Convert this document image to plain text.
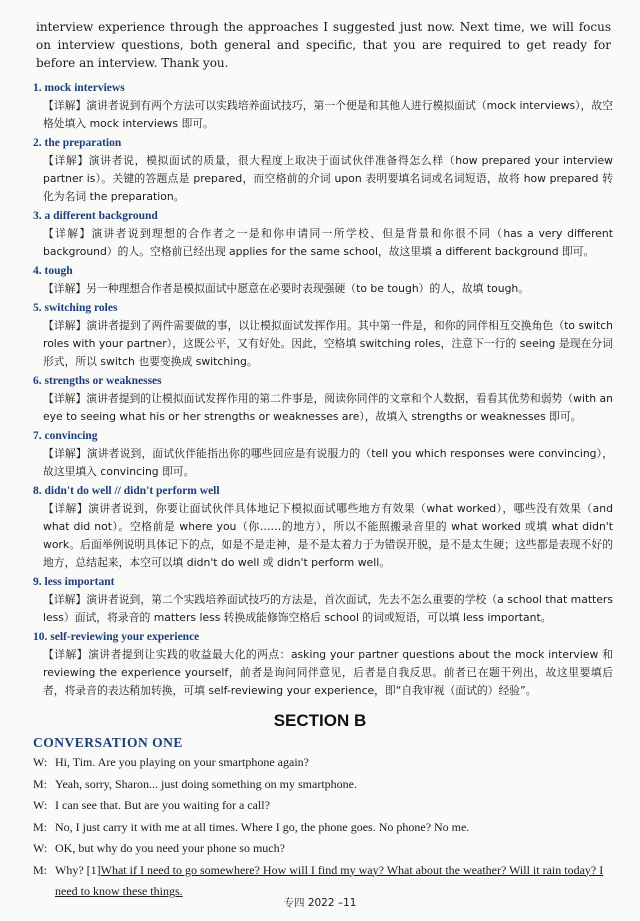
interview experience through the approaches I suggested just now. Next time, we will focus on interview questions, both general and specific, that you are required to get ready for before an interview. Thank you.
1. mock interviews
【详解】演讲者说到有两个方法可以实践培养面试技巧，第一个便是和其他人进行模拟面试（mock interviews），故空格处填入 mock interviews 即可。
2. the preparation
【详解】演讲者说，模拟面试的质量，很大程度上取决于面试伙伴准备得怎么样（how prepared your interview partner is）。关键的答题点是 prepared，而空格前的介词 upon 表明要填名词或名词短语，故将 how prepared 转化为名词 the preparation。
3. a different background
【详解】演讲者说到理想的合作者之一是和你申请同一所学校、但是背景和你很不同（has a very different background）的人。空格前已经出现 applies for the same school，故这里填 a different background 即可。
4. tough
【详解】另一种理想合作者是模拟面试中愿意在必要时表现强硬（to be tough）的人，故填 tough。
5. switching roles
【详解】演讲者提到了两件需要做的事，以让模拟面试发挥作用。其中第一件是，和你的同伴相互交换角色（to switch roles with your partner），这既公平，又有好处。因此，空格填 switching roles，注意下一行的 seeing 是现在分词形式，所以 switch 也要变换成 switching。
6. strengths or weaknesses
【详解】演讲者提到的让模拟面试发挥作用的第二件事是，阅读你同伴的文章和个人数据，看看其优势和弱势（with an eye to seeing what his or her strengths or weaknesses are），故填入 strengths or weaknesses 即可。
7. convincing
【详解】演讲者说到，面试伙伴能指出你的哪些回应是有说服力的（tell you which responses were convincing），故这里填入 convincing 即可。
8. didn't do well // didn't perform well
【详解】演讲者说到，你要让面试伙伴具体地记下模拟面试哪些地方有效果（what worked），哪些没有效果（and what did not）。空格前是 where you（你……的地方），所以不能照搬录音里的 what worked 或填 what didn't work。后面举例说明具体记下的点，如是不是走神，是不是太着力于为错误开脱，是不是太生硬；这些都是表现不好的地方，总结起来，本空可以填 didn't do well 或 didn't perform well。
9. less important
【详解】演讲者说到，第二个实践培养面试技巧的方法是，首次面试，先去不怎么重要的学校（a school that matters less）面试，将录音的 matters less 转换成能修饰空格后 school 的词或短语，可以填 less important。
10. self-reviewing your experience
【详解】演讲者提到让实践的收益最大化的两点：asking your partner questions about the mock interview 和 reviewing the experience yourself，前者是询问同伴意见，后者是自我反思。前者已在题干列出，故这里要填后者，将录音的表达稍加转换，可填 self-reviewing your experience，即“自我审视（面试的）经验”。
SECTION B
CONVERSATION ONE
W: Hi, Tim. Are you playing on your smartphone again?
M: Yeah, sorry, Sharon... just doing something on my smartphone.
W: I can see that. But are you waiting for a call?
M: No, I just carry it with me at all times. Where I go, the phone goes. No phone? No me.
W: OK, but why do you need your phone so much?
M: Why? [1]What if I need to go somewhere? How will I find my way? What about the weather? Will it rain today? I need to know these things.
专四 2022 –11
